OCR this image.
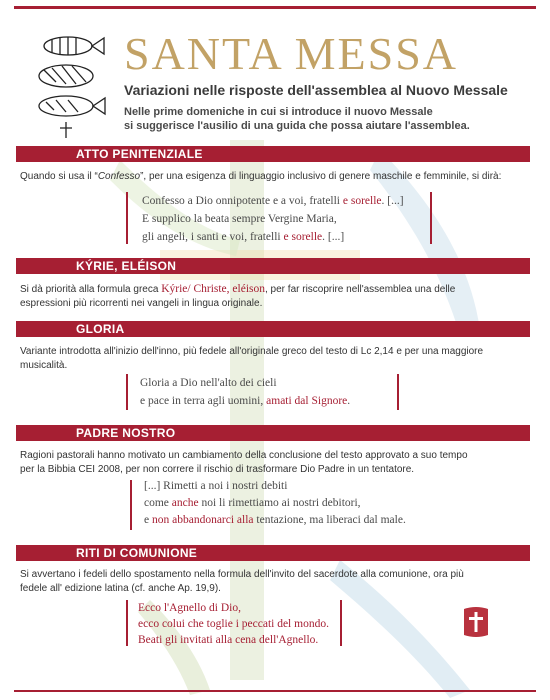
SANTA MESSA
Variazioni nelle risposte dell'assemblea al Nuovo Messale
Nelle prime domeniche in cui si introduce il nuovo Messale
si suggerisce l'ausilio di una guida che possa aiutare l'assemblea.
ATTO PENITENZIALE
Quando si usa il “Confesso”, per una esigenza di linguaggio inclusivo di genere maschile e femminile, si dirà:
Confesso a Dio onnipotente e a voi, fratelli e sorelle. [...]
E supplico la beata sempre Vergine Maria,
gli angeli, i santi e voi, fratelli e sorelle. [...]
KÝRIE, ELÉISON
Si dà priorità alla formula greca Kýrie/ Christe, eléison, per far riscoprire nell'assemblea una delle
espressioni più ricorrenti nei vangeli in lingua originale.
GLORIA
Variante introdotta all'inizio dell'inno, più fedele all'originale greco del testo di Lc 2,14 e per una maggiore
musicalità.
Gloria a Dio nell'alto dei cieli
e pace in terra agli uomini, amati dal Signore.
PADRE NOSTRO
Ragioni pastorali hanno motivato un cambiamento della conclusione del testo approvato a suo tempo
per la Bibbia CEI 2008, per non correre il rischio di trasformare Dio Padre in un tentatore.
[...] Rimetti a noi i nostri debiti
come anche noi li rimettiamo ai nostri debitori,
e non abbandonarci alla tentazione, ma liberaci dal male.
RITI DI COMUNIONE
Si avvertano i fedeli dello spostamento nella formula dell'invito del sacerdote alla comunione, ora più
fedele all' edizione latina (cf. anche Ap. 19,9).
Ecco l'Agnello di Dio,
ecco colui che toglie i peccati del mondo.
Beati gli invitati alla cena dell'Agnello.
